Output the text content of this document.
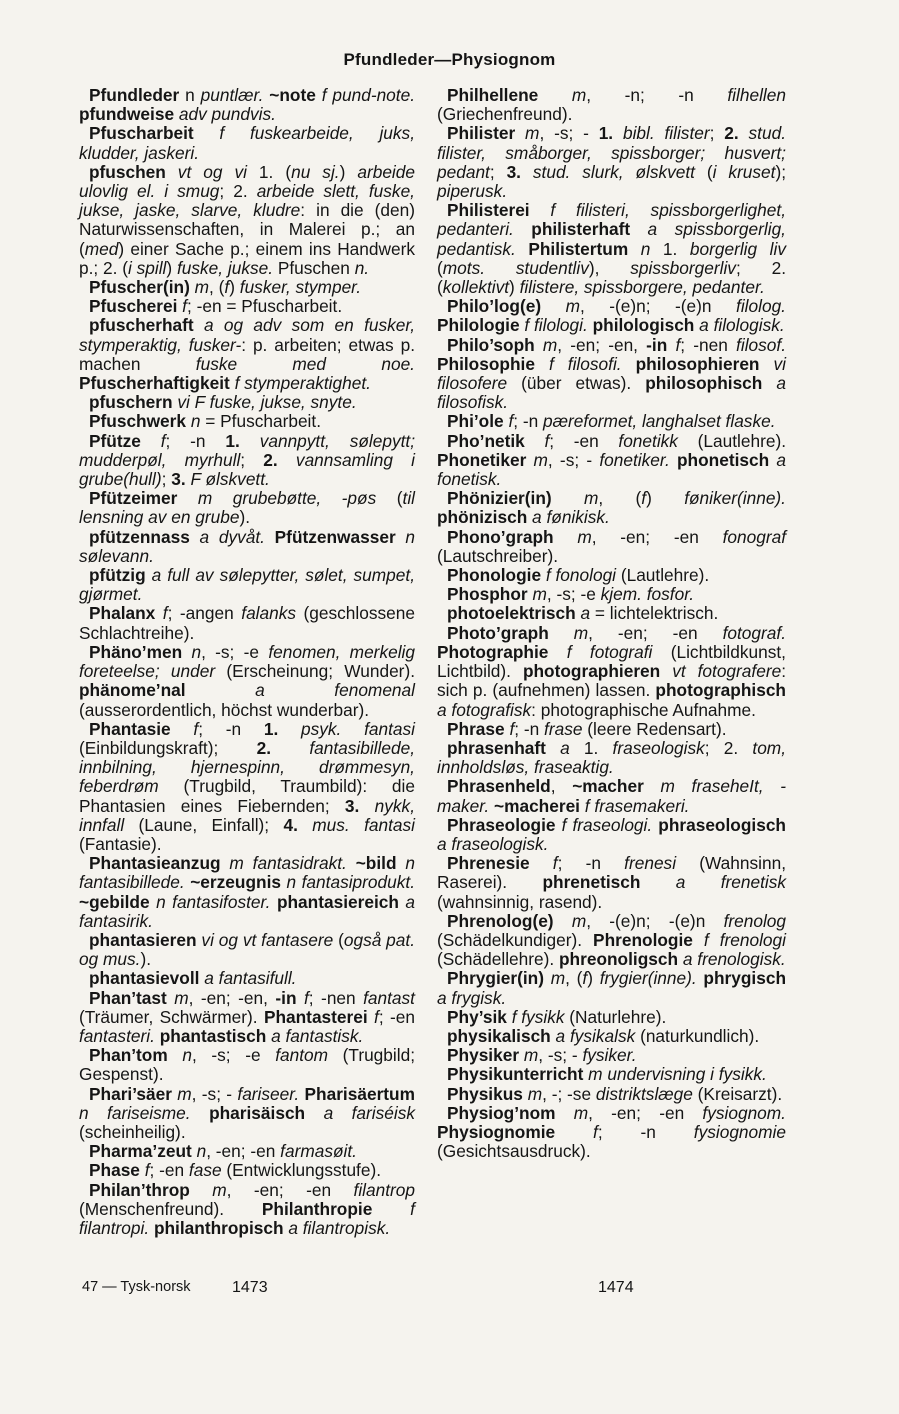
Pfundleder—Physiognom

Pfundleder n puntlær. ~note f pund-note. pfundweise adv pundvis.

Pfuscharbeit f fuskearbeide, juks, kludder, jaskeri.

pfuschen vt og vi 1. (nu sj.) arbeide ulovlig el. i smug; 2. arbeide slett, fuske, jukse, jaske, slarve, kludre: in die (den) Naturwissenschaften, in Malerei p.; an (med) einer Sache p.; einem ins Handwerk p.; 2. (i spill) fuske, jukse. Pfuschen n.

Pfuscher(in) m, (f) fusker, stymper.

Pfuscherei f; -en = Pfuscharbeit.

pfuscherhaft a og adv som en fusker, stymperaktig, fusker-: p. arbeiten; etwas p. machen fuske med noe. Pfuscherhaftigkeit f stymperaktighet.

pfuschern vi F fuske, jukse, snyte.

Pfuschwerk n = Pfuscharbeit.

Pfütze f; -n 1. vannpytt, sølepytt; mudderpøl, myrhull; 2. vannsamling i grube(hull); 3. F ølskvett.

Pfützeimer m grubebøtte, -pøs (til lensning av en grube).

pfützennass a dyvåt. Pfützenwasser n sølevann.

pfützig a full av sølepytter, sølet, sumpet, gjørmet.

Phalanx f; -angen falanks (geschlossene Schlachtreihe).

Phäno’men n, -s; -e fenomen, merkelig foreteelse; under (Erscheinung; Wunder). phänome’nal a fenomenal (ausserordentlich, höchst wunderbar).

Phantasie f; -n 1. psyk. fantasi (Einbildungskraft); 2. fantasibillede, innbilning, hjernespinn, drømmesyn, feberdrøm (Trugbild, Traumbild): die Phantasien eines Fiebernden; 3. nykk, innfall (Laune, Einfall); 4. mus. fantasi (Fantasie).

Phantasieanzug m fantasidrakt. ~bild n fantasibillede. ~erzeugnis n fantasiprodukt. ~gebilde n fantasifoster. phantasiereich a fantasirik.

phantasieren vi og vt fantasere (også pat. og mus.).

phantasievoll a fantasifull.

Phan’tast m, -en; -en, -in f; -nen fantast (Träumer, Schwärmer). Phantasterei f; -en fantasteri. phantastisch a fantastisk.

Phan’tom n, -s; -e fantom (Trugbild; Gespenst).

Phari’säer m, -s; - fariseer. Pharisäertum n fariseisme. pharisäisch a fariséisk (scheinheilig).

Pharma’zeut n, -en; -en farmasøit.

Phase f; -en fase (Entwicklungsstufe).

Philan’throp m, -en; -en filantrop (Menschenfreund). Philanthropie f filantropi. philanthropisch a filantropisk.

Philhellene m, -n; -n filhellen (Griechenfreund).

Philister m, -s; - 1. bibl. filister; 2. stud. filister, småborger, spissborger; husvert; pedant; 3. stud. slurk, ølskvett (i kruset); piperusk.

Philisterei f filisteri, spissborgerlighet, pedanteri. philisterhaft a spissborgerlig, pedantisk. Philistertum n 1. borgerlig liv (mots. studentliv), spissborgerliv; 2. (kollektivt) filistere, spissborgere, pedanter.

Philo’log(e) m, -(e)n; -(e)n filolog. Philologie f filologi. philologisch a filologisk.

Philo’soph m, -en; -en, -in f; -nen filosof. Philosophie f filosofi. philosophieren vi filosofere (über etwas). philosophisch a filosofisk.

Phi’ole f; -n pæreformet, langhalset flaske.

Pho’netik f; -en fonetikk (Lautlehre). Phonetiker m, -s; - fonetiker. phonetisch a fonetisk.

Phönizier(in) m, (f) føniker(inne). phönizisch a fønikisk.

Phono’graph m, -en; -en fonograf (Lautschreiber).

Phonologie f fonologi (Lautlehre).

Phosphor m, -s; -e kjem. fosfor.

photoelektrisch a = lichtelektrisch.

Photo’graph m, -en; -en fotograf. Photographie f fotografi (Lichtbildkunst, Lichtbild). photographieren vt fotografere: sich p. (aufnehmen) lassen. photographisch a fotografisk: photographische Aufnahme.

Phrase f; -n frase (leere Redensart).

phrasenhaft a 1. fraseologisk; 2. tom, innholdsløs, fraseaktig.

Phrasenheld, ~macher m fraseheIt, -maker. ~macherei f frasemakeri.

Phraseologie f fraseologi. phraseologisch a fraseologisk.

Phrenesie f; -n frenesi (Wahnsinn, Raserei). phrenetisch a frenetisk (wahnsinnig, rasend).

Phrenolog(e) m, -(e)n; -(e)n frenolog (Schädelkundiger). Phrenologie f frenologi (Schädellehre). phreonoligsch a frenologisk.

Phrygier(in) m, (f) frygier(inne). phrygisch a frygisk.

Phy’sik f fysikk (Naturlehre).

physikalisch a fysikalsk (naturkundlich).

Physiker m, -s; - fysiker.

Physikunterricht m undervisning i fysikk.

Physikus m, -; -se distriktslæge (Kreisarzt).

Physiog’nom m, -en; -en fysiognom. Physiognomie f; -n fysiognomie (Gesichtsausdruck).

47 — Tysk-norsk	1473	1474
